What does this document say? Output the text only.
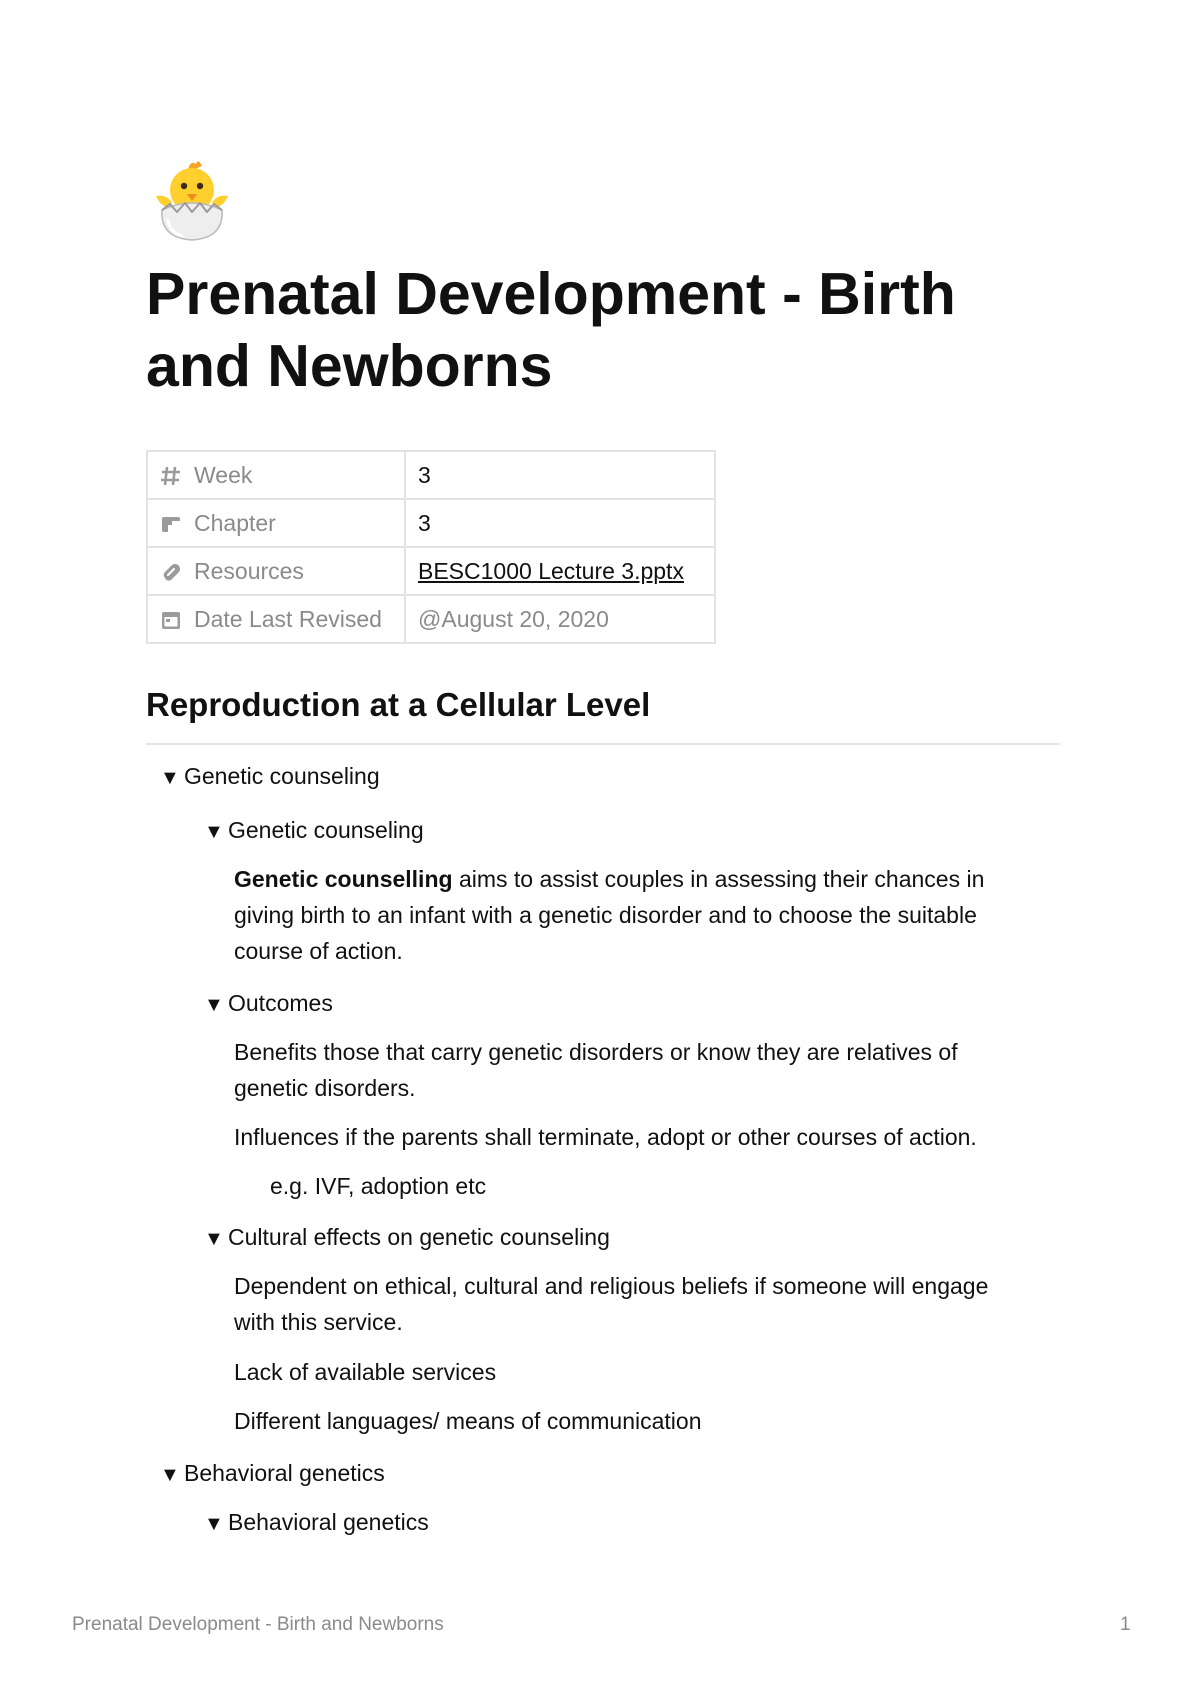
Prenatal Development - Birth and Newborns
Week	3
Chapter	3
Resources	BESC1000 Lecture 3.pptx
Date Last Revised	@August 20, 2020
Reproduction at a Cellular Level
▼ Genetic counseling
▼ Genetic counseling
Genetic counselling aims to assist couples in assessing their chances in
giving birth to an infant with a genetic disorder and to choose the suitable
course of action.
▼ Outcomes
Benefits those that carry genetic disorders or know they are relatives of
genetic disorders.
Influences if the parents shall terminate, adopt or other courses of action.
e.g. IVF, adoption etc
▼ Cultural effects on genetic counseling
Dependent on ethical, cultural and religious beliefs if someone will engage
with this service.
Lack of available services
Different languages/ means of communication
▼ Behavioral genetics
▼ Behavioral genetics
Prenatal Development - Birth and Newborns	1
